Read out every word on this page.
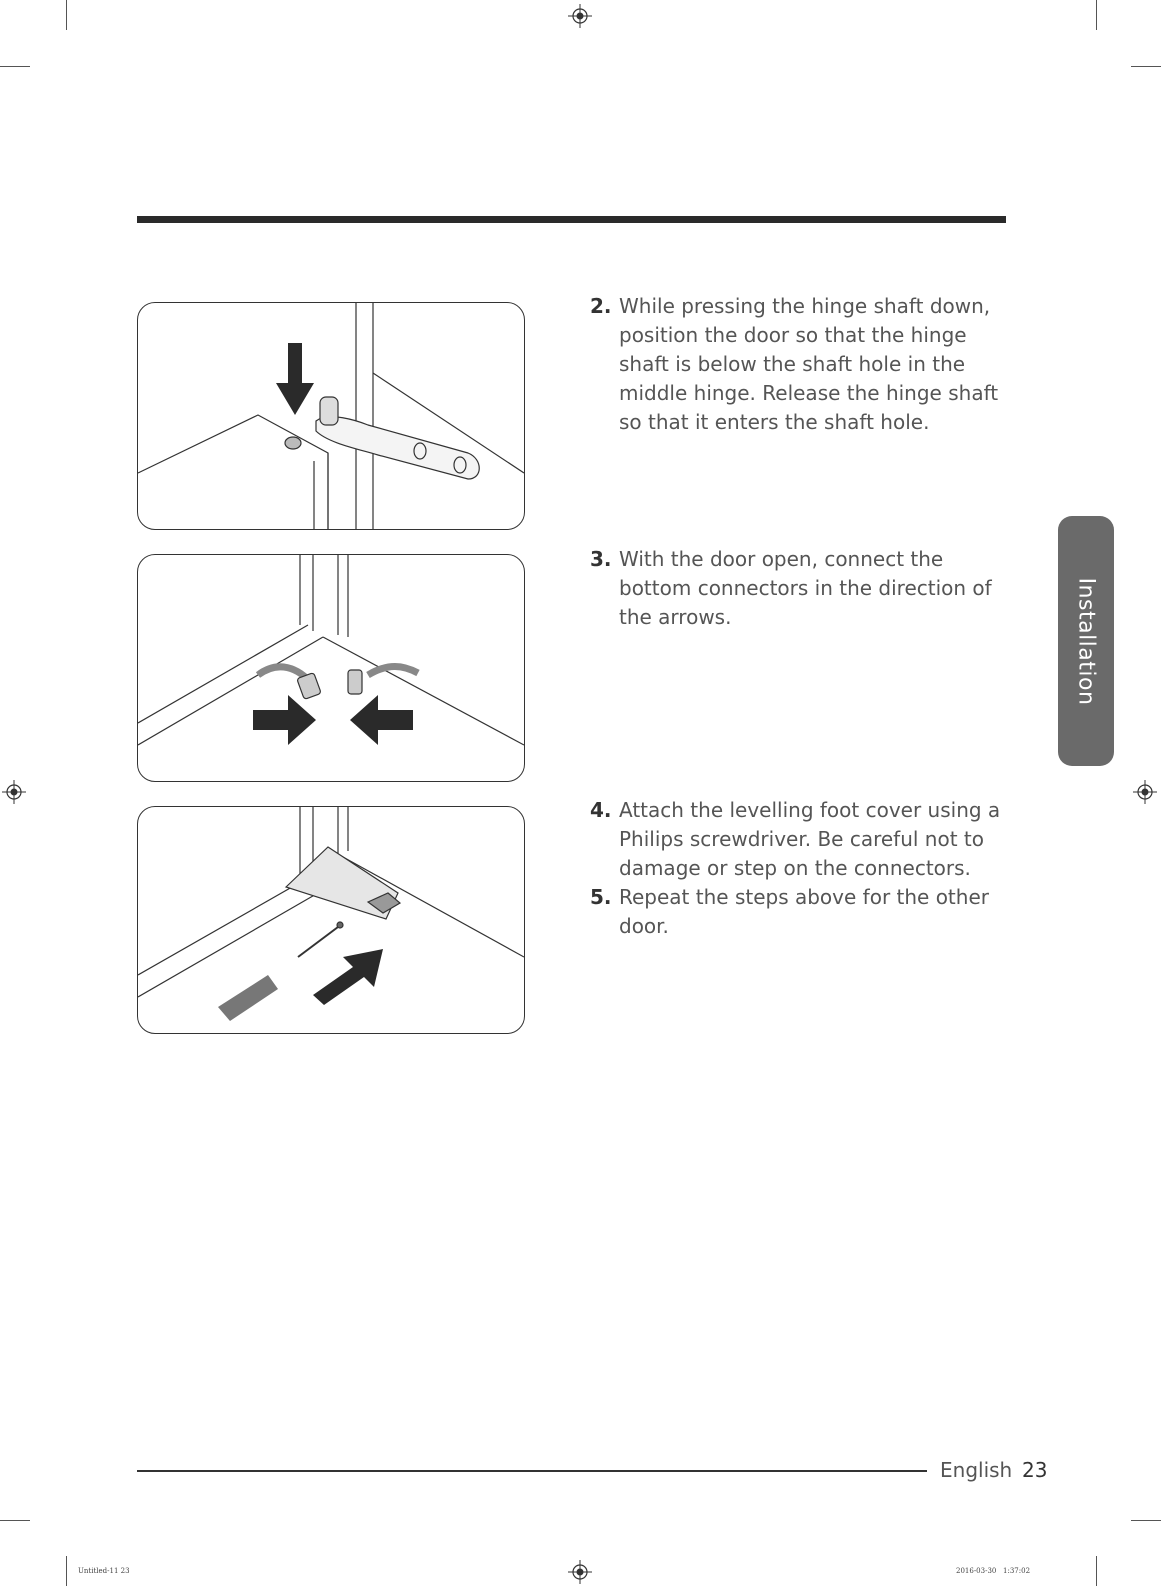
2. While pressing the hinge shaft down, position the door so that the hinge shaft is below the shaft hole in the middle hinge. Release the hinge shaft so that it enters the shaft hole.
3. With the door open, connect the bottom connectors in the direction of the arrows.
4. Attach the levelling foot cover using a Philips screwdriver. Be careful not to damage or step on the connectors.
5. Repeat the steps above for the other door.
Installation
English 23
Untitled-11 23	2016-03-30   1:37:02
